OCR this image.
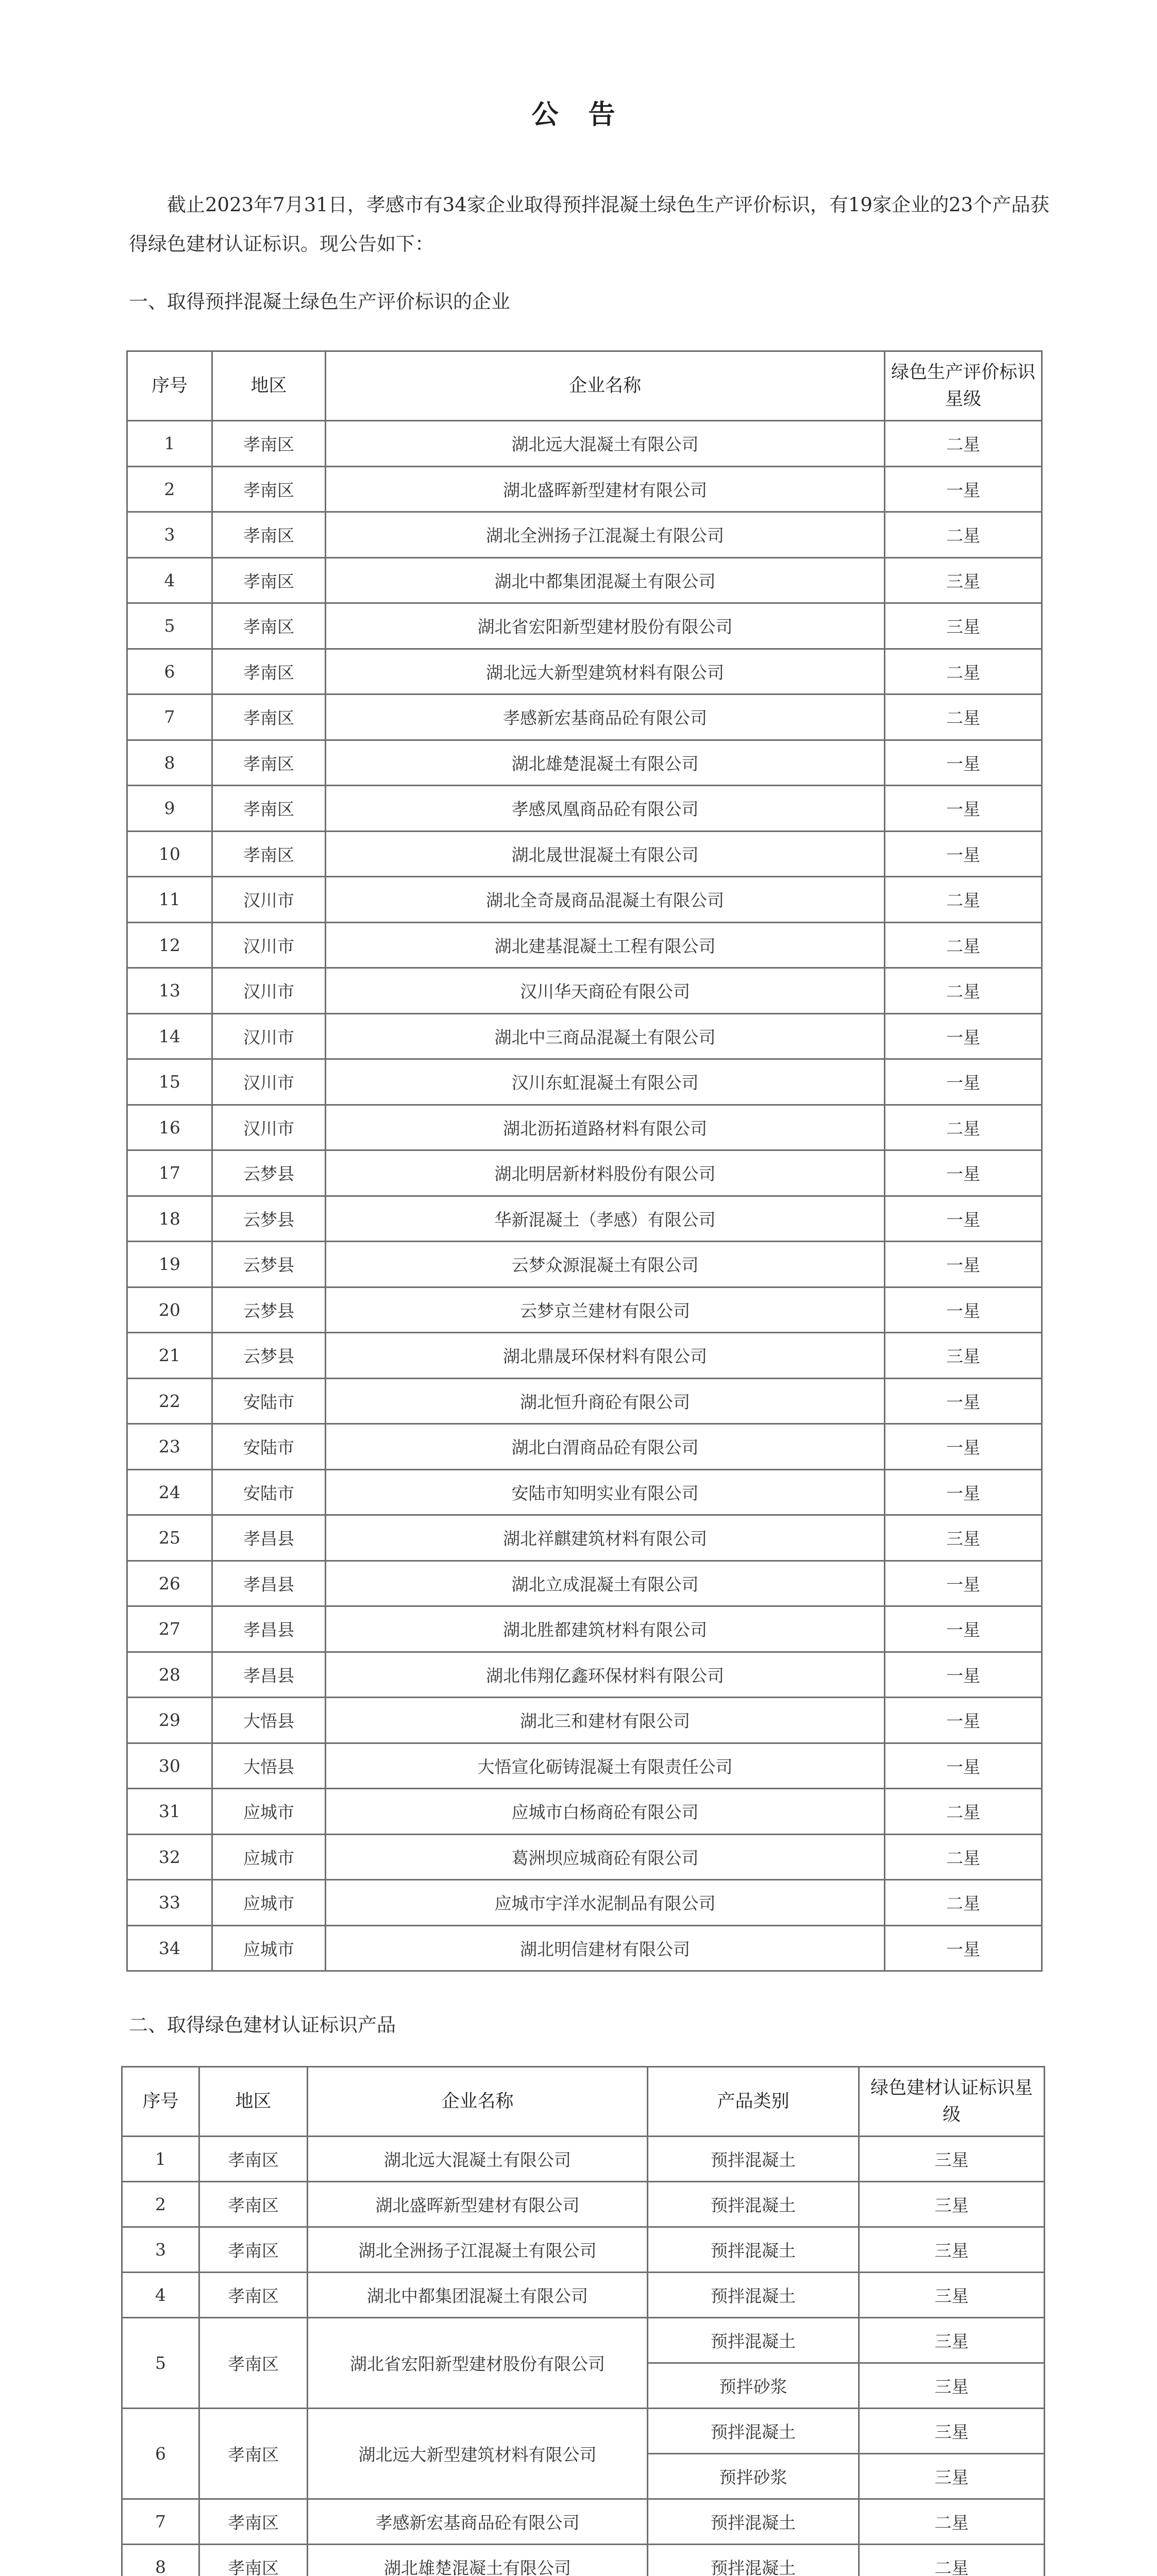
公 告
截止2023年7月31日，孝感市有34家企业取得预拌混凝土绿色生产评价标识，有19家企业的23个产品获得绿色建材认证标识。现公告如下：
一、取得预拌混凝土绿色生产评价标识的企业
序号	地区	企业名称	绿色生产评价标识星级
1	孝南区	湖北远大混凝土有限公司	二星
2	孝南区	湖北盛晖新型建材有限公司	一星
3	孝南区	湖北全洲扬子江混凝土有限公司	二星
4	孝南区	湖北中都集团混凝土有限公司	三星
5	孝南区	湖北省宏阳新型建材股份有限公司	三星
6	孝南区	湖北远大新型建筑材料有限公司	二星
7	孝南区	孝感新宏基商品砼有限公司	二星
8	孝南区	湖北雄楚混凝土有限公司	一星
9	孝南区	孝感凤凰商品砼有限公司	一星
10	孝南区	湖北晟世混凝土有限公司	一星
11	汉川市	湖北全奇晟商品混凝土有限公司	二星
12	汉川市	湖北建基混凝土工程有限公司	二星
13	汉川市	汉川华天商砼有限公司	二星
14	汉川市	湖北中三商品混凝土有限公司	一星
15	汉川市	汉川东虹混凝土有限公司	一星
16	汉川市	湖北沥拓道路材料有限公司	二星
17	云梦县	湖北明居新材料股份有限公司	一星
18	云梦县	华新混凝土（孝感）有限公司	一星
19	云梦县	云梦众源混凝土有限公司	一星
20	云梦县	云梦京兰建材有限公司	一星
21	云梦县	湖北鼎晟环保材料有限公司	三星
22	安陆市	湖北恒升商砼有限公司	一星
23	安陆市	湖北白渭商品砼有限公司	一星
24	安陆市	安陆市知明实业有限公司	一星
25	孝昌县	湖北祥麒建筑材料有限公司	三星
26	孝昌县	湖北立成混凝土有限公司	一星
27	孝昌县	湖北胜都建筑材料有限公司	一星
28	孝昌县	湖北伟翔亿鑫环保材料有限公司	一星
29	大悟县	湖北三和建材有限公司	一星
30	大悟县	大悟宣化砺铸混凝土有限责任公司	一星
31	应城市	应城市白杨商砼有限公司	二星
32	应城市	葛洲坝应城商砼有限公司	二星
33	应城市	应城市宇洋水泥制品有限公司	二星
34	应城市	湖北明信建材有限公司	一星
二、取得绿色建材认证标识产品
序号	地区	企业名称	产品类别	绿色建材认证标识星级
1	孝南区	湖北远大混凝土有限公司	预拌混凝土	三星
2	孝南区	湖北盛晖新型建材有限公司	预拌混凝土	三星
3	孝南区	湖北全洲扬子江混凝土有限公司	预拌混凝土	三星
4	孝南区	湖北中都集团混凝土有限公司	预拌混凝土	三星
5	孝南区	湖北省宏阳新型建材股份有限公司	预拌混凝土	三星
			预拌砂浆	三星
6	孝南区	湖北远大新型建筑材料有限公司	预拌混凝土	三星
			预拌砂浆	三星
7	孝南区	孝感新宏基商品砼有限公司	预拌混凝土	二星
8	孝南区	湖北雄楚混凝土有限公司	预拌混凝土	二星
